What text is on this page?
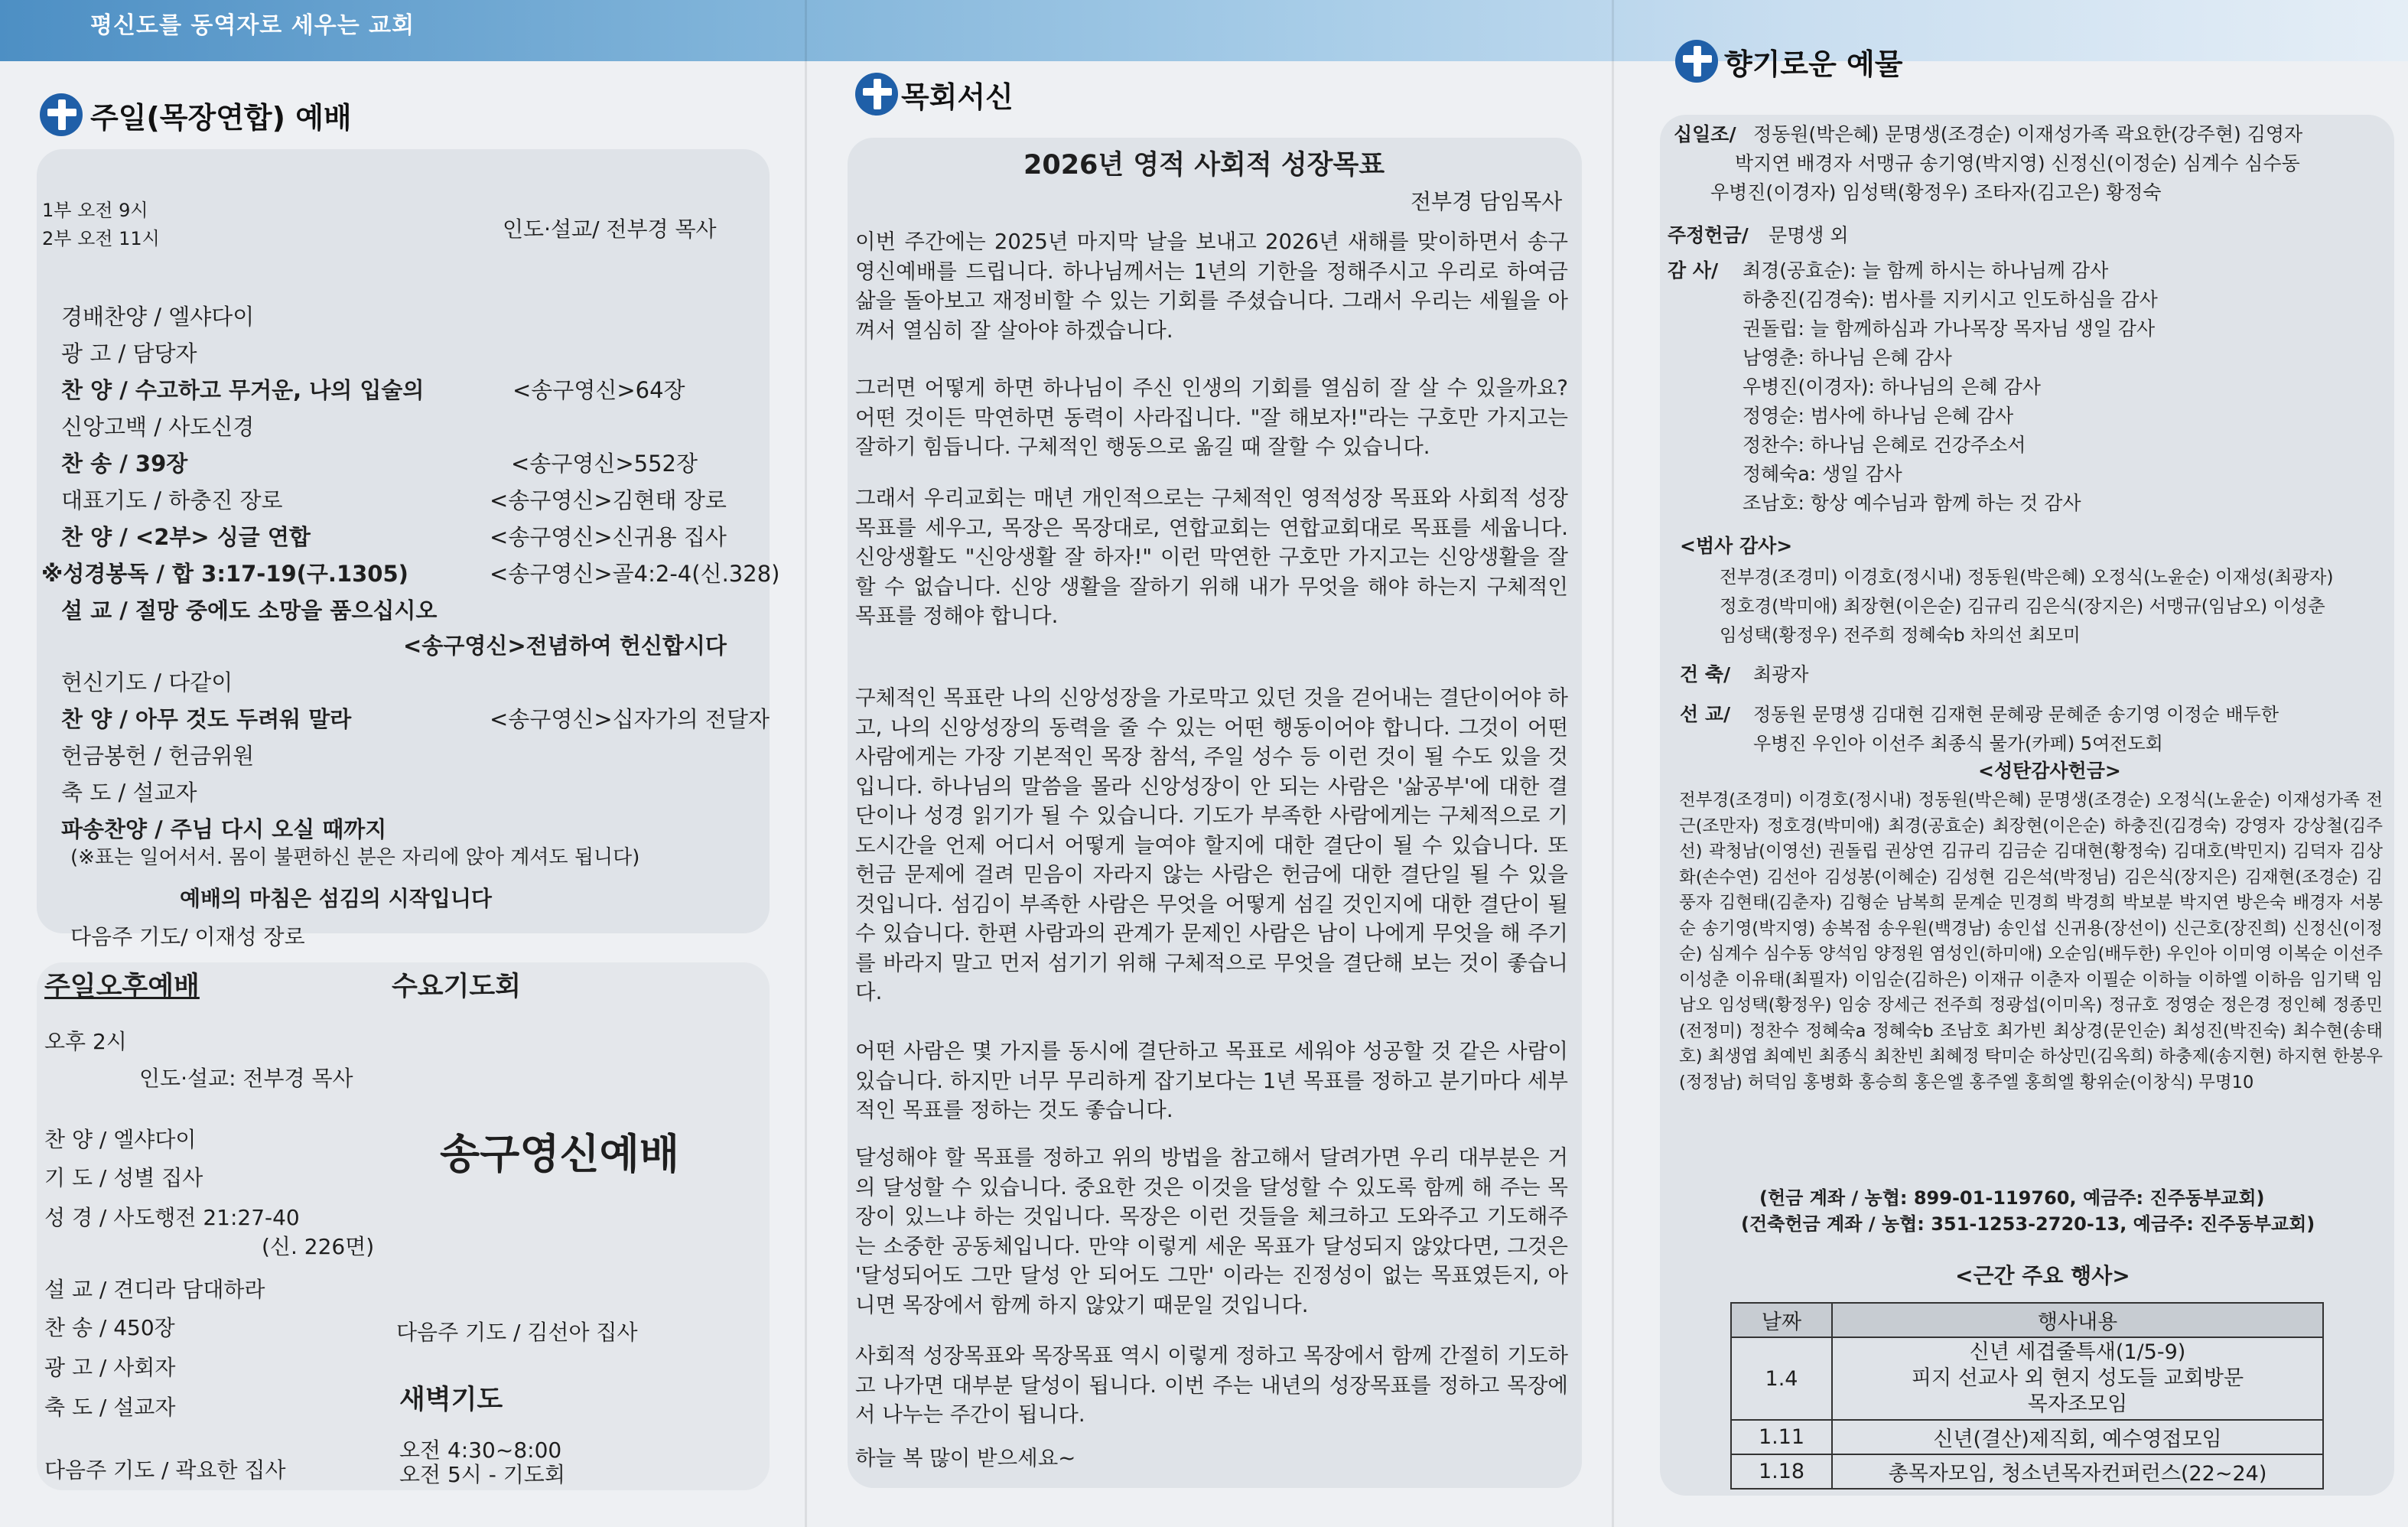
평신도를 동역자로 세우는 교회
주일(목장연합) 예배
1부 오전 9시
2부 오전 11시	인도·설교/ 전부경 목사
경배찬양 / 엘샤다이
광 고 / 담당자
찬 양 / 수고하고 무거운, 나의 입술의	<송구영신>64장
신앙고백 / 사도신경
찬 송 / 39장	<송구영신>552장
대표기도 / 하충진 장로	<송구영신>김현태 장로
찬 양 / <2부> 싱글 연합	<송구영신>신귀용 집사
※성경봉독 / 합 3:17-19(구.1305)	<송구영신>골4:2-4(신.328)
설 교 / 절망 중에도 소망을 품으십시오
<송구영신>전념하여 헌신합시다
헌신기도 / 다같이
찬 양 / 아무 것도 두려워 말라	<송구영신>십자가의 전달자
헌금봉헌 / 헌금위원
축 도 / 설교자
파송찬양 / 주님 다시 오실 때까지
(※표는 일어서서. 몸이 불편하신 분은 자리에 앉아 계셔도 됩니다)
예배의 마침은 섬김의 시작입니다
다음주 기도/ 이재성 장로
주일오후예배	수요기도회
오후 2시
인도·설교: 전부경 목사
찬 양 / 엘샤다이
기 도 / 성별 집사
성 경 / 사도행전 21:27-40
(신. 226면)
설 교 / 견디라 담대하라
찬 송 / 450장
광 고 / 사회자
축 도 / 설교자
다음주 기도 / 곽요한 집사
송구영신예배
다음주 기도 / 김선아 집사
새벽기도
오전 4:30~8:00
오전 5시 - 기도회
목회서신
2026년 영적 사회적 성장목표
전부경 담임목사
이번 주간에는 2025년 마지막 날을 보내고 2026년 새해를 맞이하면서 송구영신예배를 드립니다. 하나님께서는 1년의 기한을 정해주시고 우리로 하여금 삶을 돌아보고 재정비할 수 있는 기회를 주셨습니다. 그래서 우리는 세월을 아껴서 열심히 잘 살아야 하겠습니다.
그러면 어떻게 하면 하나님이 주신 인생의 기회를 열심히 잘 살 수 있을까요? 어떤 것이든 막연하면 동력이 사라집니다. "잘 해보자!"라는 구호만 가지고는 잘하기 힘듭니다. 구체적인 행동으로 옮길 때 잘할 수 있습니다.
그래서 우리교회는 매년 개인적으로는 구체적인 영적성장 목표와 사회적 성장 목표를 세우고, 목장은 목장대로, 연합교회는 연합교회대로 목표를 세웁니다. 신앙생활도 "신앙생활 잘 하자!" 이런 막연한 구호만 가지고는 신앙생활을 잘 할 수 없습니다. 신앙 생활을 잘하기 위해 내가 무엇을 해야 하는지 구체적인 목표를 정해야 합니다.
구체적인 목표란 나의 신앙성장을 가로막고 있던 것을 걷어내는 결단이어야 하고, 나의 신앙성장의 동력을 줄 수 있는 어떤 행동이어야 합니다. 그것이 어떤 사람에게는 가장 기본적인 목장 참석, 주일 성수 등 이런 것이 될 수도 있을 것입니다. 하나님의 말씀을 몰라 신앙성장이 안 되는 사람은 '삶공부'에 대한 결단이나 성경 읽기가 될 수 있습니다. 기도가 부족한 사람에게는 구체적으로 기도시간을 언제 어디서 어떻게 늘여야 할지에 대한 결단이 될 수 있습니다. 또 헌금 문제에 걸려 믿음이 자라지 않는 사람은 헌금에 대한 결단일 될 수 있을 것입니다. 섬김이 부족한 사람은 무엇을 어떻게 섬길 것인지에 대한 결단이 될 수 있습니다. 한편 사람과의 관계가 문제인 사람은 남이 나에게 무엇을 해 주기를 바라지 말고 먼저 섬기기 위해 구체적으로 무엇을 결단해 보는 것이 좋습니다.
어떤 사람은 몇 가지를 동시에 결단하고 목표로 세워야 성공할 것 같은 사람이 있습니다. 하지만 너무 무리하게 잡기보다는 1년 목표를 정하고 분기마다 세부적인 목표를 정하는 것도 좋습니다.
달성해야 할 목표를 정하고 위의 방법을 참고해서 달려가면 우리 대부분은 거의 달성할 수 있습니다. 중요한 것은 이것을 달성할 수 있도록 함께 해 주는 목장이 있느냐 하는 것입니다. 목장은 이런 것들을 체크하고 도와주고 기도해주는 소중한 공동체입니다. 만약 이렇게 세운 목표가 달성되지 않았다면, 그것은 '달성되어도 그만 달성 안 되어도 그만' 이라는 진정성이 없는 목표였든지, 아니면 목장에서 함께 하지 않았기 때문일 것입니다.
사회적 성장목표와 목장목표 역시 이렇게 정하고 목장에서 함께 간절히 기도하고 나가면 대부분 달성이 됩니다. 이번 주는 내년의 성장목표를 정하고 목장에서 나누는 주간이 됩니다.
하늘 복 많이 받으세요~
향기로운 예물
십일조/ 정동원(박은혜) 문명생(조경순) 이재성가족 곽요한(강주현) 김영자
박지연 배경자 서맹규 송기영(박지영) 신정신(이정순) 심계수 심수동
우병진(이경자) 임성택(황정우) 조타자(김고은) 황정숙
주정헌금/ 문명생 외
감 사/ 최경(공효순): 늘 함께 하시는 하나님께 감사
하충진(김경숙): 범사를 지키시고 인도하심을 감사
권돌립: 늘 함께하심과 가나목장 목자님 생일 감사
남영춘: 하나님 은혜 감사
우병진(이경자): 하나님의 은혜 감사
정영순: 범사에 하나님 은혜 감사
정찬수: 하나님 은혜로 건강주소서
정혜숙a: 생일 감사
조남호: 항상 예수님과 함께 하는 것 감사
<범사 감사>
전부경(조경미) 이경호(정시내) 정동원(박은혜) 오정식(노윤순) 이재성(최광자)
정호경(박미애) 최장현(이은순) 김규리 김은식(장지은) 서맹규(임남오) 이성춘
임성택(황정우) 전주희 정혜숙b 차의선 최모미
건 축/ 최광자
선 교/ 정동원 문명생 김대현 김재현 문혜광 문혜준 송기영 이정순 배두한
우병진 우인아 이선주 최종식 물가(카페) 5여전도회
<성탄감사헌금>
전부경(조경미) 이경호(정시내) 정동원(박은혜) 문명생(조경순) 오정식(노윤순) 이재성가족 전근(조만자) 정호경(박미애) 최경(공효순) 최장현(이은순) 하충진(김경숙) 강영자 강상철(김주선) 곽청남(이영선) 권돌립 권상연 김규리 김금순 김대현(황정숙) 김대호(박민지) 김덕자 김상화(손수연) 김선아 김성봉(이혜순) 김성현 김은석(박정님) 김은식(장지은) 김재현(조경순) 김풍자 김현태(김춘자) 김형순 남복희 문계순 민경희 박경희 박보분 박지연 방은숙 배경자 서봉순 송기영(박지영) 송복점 송우원(백경남) 송인섭 신귀용(장선이) 신근호(장진희) 신정신(이정순) 심계수 심수동 양석임 양정원 염성인(하미애) 오순임(배두한) 우인아 이미영 이복순 이선주 이성춘 이유태(최필자) 이임순(김하은) 이재규 이춘자 이필순 이하늘 이하엘 이하음 임기택 임남오 임성택(황정우) 임숭 장세근 전주희 정광섭(이미옥) 정규호 정영순 정은경 정인혜 정종민(전정미) 정찬수 정혜숙a 정혜숙b 조남호 최가빈 최상경(문인순) 최성진(박진숙) 최수현(송태호) 최생엽 최예빈 최종식 최찬빈 최혜정 탁미순 하상민(김옥희) 하충제(송지현) 하지현 한봉우(정정남) 허덕임 홍병화 홍승희 홍은엘 홍주엘 홍희엘 황위순(이창식) 무명10
(헌금 계좌 / 농협: 899-01-119760, 예금주: 진주동부교회)
(건축헌금 계좌 / 농협: 351-1253-2720-13, 예금주: 진주동부교회)
<근간 주요 행사>
날짜	행사내용
1.4	신년 세겹줄특새(1/5-9)
피지 선교사 외 현지 성도들 교회방문
목자조모임

1.11	신년(결산)제직회, 예수영접모임
1.18	총목자모임, 청소년목자컨퍼런스(22~24)
